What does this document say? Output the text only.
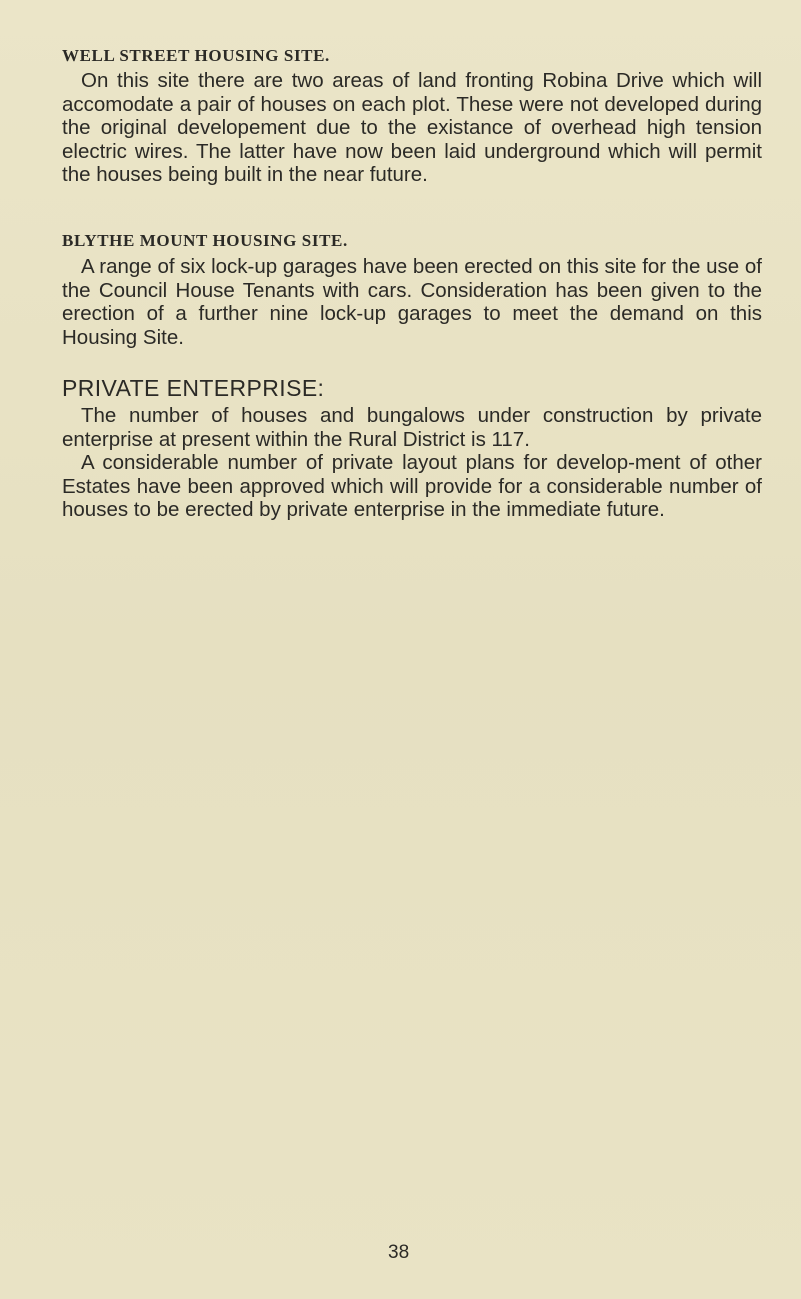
WELL STREET HOUSING SITE.

On this site there are two areas of land fronting Robina Drive which will accomodate a pair of houses on each plot. These were not developed during the original developement due to the existance of overhead high tension electric wires. The latter have now been laid underground which will permit the houses being built in the near future.

BLYTHE MOUNT HOUSING SITE.

A range of six lock-up garages have been erected on this site for the use of the Council House Tenants with cars. Consideration has been given to the erection of a further nine lock-up garages to meet the demand on this Housing Site.

PRIVATE ENTERPRISE:

The number of houses and bungalows under construction by private enterprise at present within the Rural District is 117.

A considerable number of private layout plans for develop-ment of other Estates have been approved which will provide for a considerable number of houses to be erected by private enterprise in the immediate future.

38
